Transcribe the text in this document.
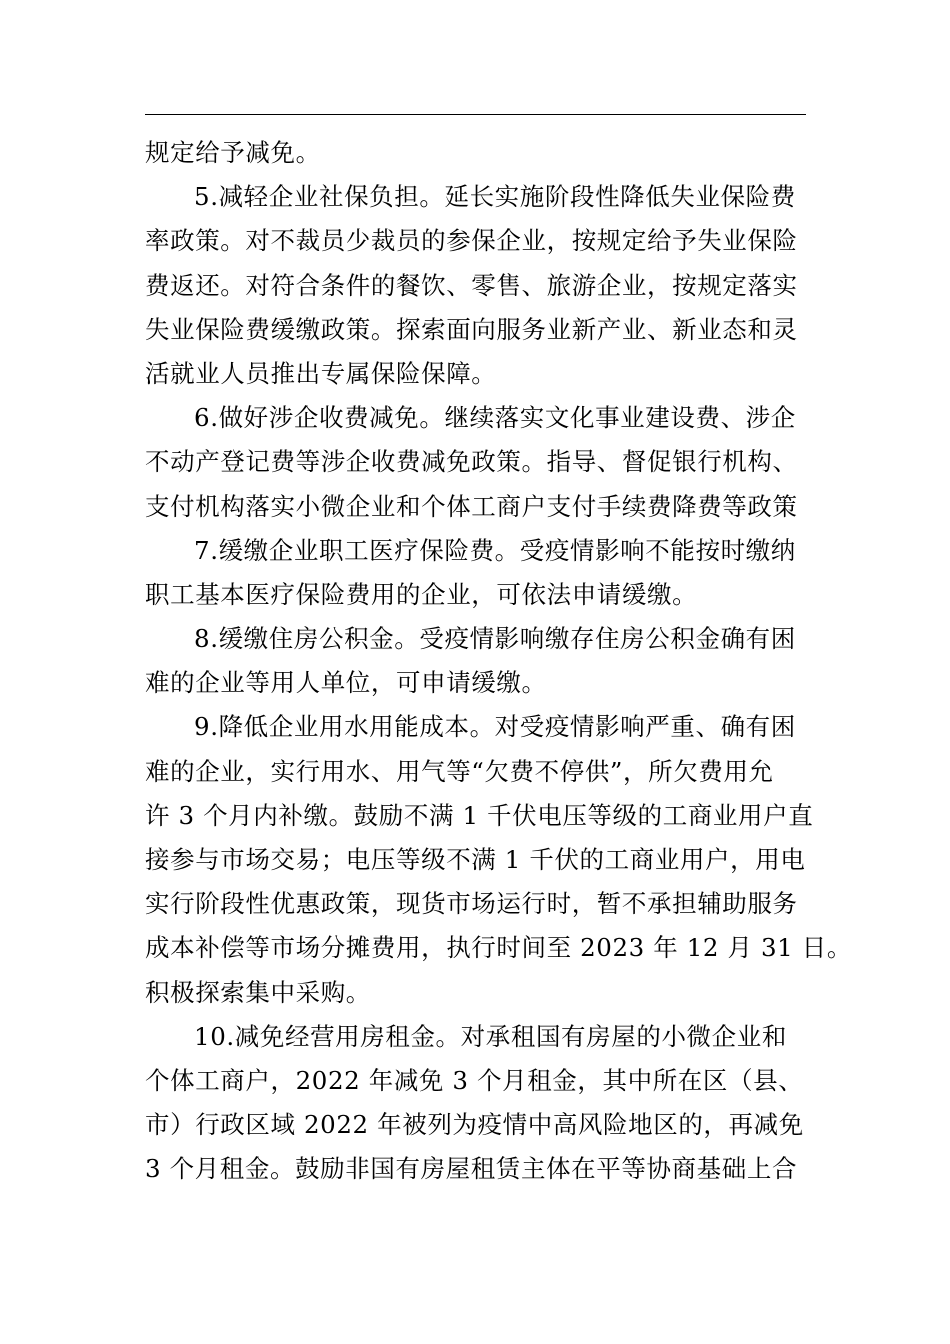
规定给予减免。
5.减轻企业社保负担。延长实施阶段性降低失业保险费
率政策。对不裁员少裁员的参保企业，按规定给予失业保险
费返还。对符合条件的餐饮、零售、旅游企业，按规定落实
失业保险费缓缴政策。探索面向服务业新产业、新业态和灵
活就业人员推出专属保险保障。
6.做好涉企收费减免。继续落实文化事业建设费、涉企
不动产登记费等涉企收费减免政策。指导、督促银行机构、
支付机构落实小微企业和个体工商户支付手续费降费等政策
7.缓缴企业职工医疗保险费。受疫情影响不能按时缴纳
职工基本医疗保险费用的企业，可依法申请缓缴。
8.缓缴住房公积金。受疫情影响缴存住房公积金确有困
难的企业等用人单位，可申请缓缴。
9.降低企业用水用能成本。对受疫情影响严重、确有困
难的企业，实行用水、用气等“欠费不停供”，所欠费用允
许 3 个月内补缴。鼓励不满 1 千伏电压等级的工商业用户直
接参与市场交易；电压等级不满 1 千伏的工商业用户，用电
实行阶段性优惠政策，现货市场运行时，暂不承担辅助服务
成本补偿等市场分摊费用，执行时间至 2023 年 12 月 31 日。
积极探索集中采购。
10.减免经营用房租金。对承租国有房屋的小微企业和
个体工商户，2022 年减免 3 个月租金，其中所在区（县、
市）行政区域 2022 年被列为疫情中高风险地区的，再减免
3 个月租金。鼓励非国有房屋租赁主体在平等协商基础上合
